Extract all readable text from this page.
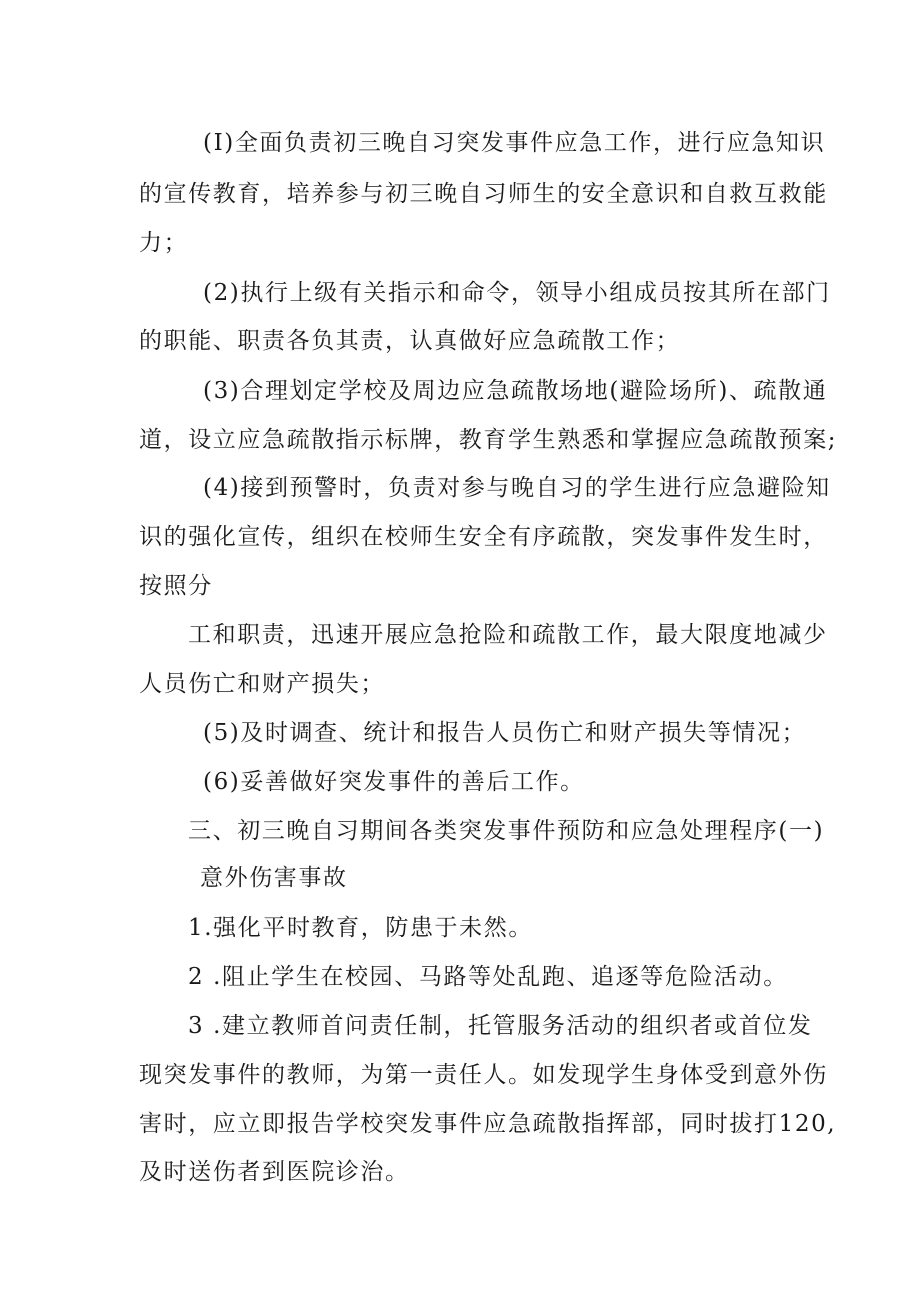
(I)全面负责初三晚自习突发事件应急工作，进行应急知识
的宣传教育，培养参与初三晚自习师生的安全意识和自救互救能
力；
(2)执行上级有关指示和命令，领导小组成员按其所在部门
的职能、职责各负其责，认真做好应急疏散工作；
(3)合理划定学校及周边应急疏散场地(避险场所)、疏散通
道，设立应急疏散指示标牌，教育学生熟悉和掌握应急疏散预案;
(4)接到预警时，负责对参与晚自习的学生进行应急避险知
识的强化宣传，组织在校师生安全有序疏散，突发事件发生时，
按照分
工和职责，迅速开展应急抢险和疏散工作，最大限度地减少
人员伤亡和财产损失；
(5)及时调查、统计和报告人员伤亡和财产损失等情况；
(6)妥善做好突发事件的善后工作。
三、初三晚自习期间各类突发事件预防和应急处理程序(一)
意外伤害事故
1.强化平时教育，防患于未然。
2 .阻止学生在校园、马路等处乱跑、追逐等危险活动。
3 .建立教师首问责任制，托管服务活动的组织者或首位发
现突发事件的教师，为第一责任人。如发现学生身体受到意外伤
害时，应立即报告学校突发事件应急疏散指挥部，同时拔打120,
及时送伤者到医院诊治。
